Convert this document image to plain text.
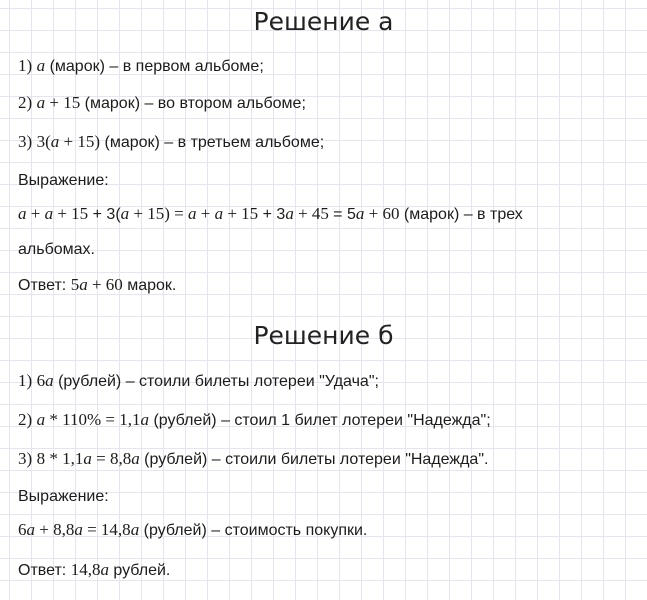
Решение а
1) a (марок) – в первом альбоме;
2) a + 15 (марок) – во втором альбоме;
3) 3(a + 15) (марок) – в третьем альбоме;
Выражение:
a + a + 15 + 3(a + 15) = a + a + 15 + 3a + 45 = 5a + 60 (марок) – в трех
альбомах.
Ответ: 5a + 60 марок.
Решение б
1) 6a (рублей) – стоили билеты лотереи "Удача";
2) a * 110% = 1,1a (рублей) – стоил 1 билет лотереи "Надежда";
3) 8 * 1,1a = 8,8a (рублей) – стоили билеты лотереи "Надежда".
Выражение:
6a + 8,8a = 14,8a (рублей) – стоимость покупки.
Ответ: 14,8a рублей.
